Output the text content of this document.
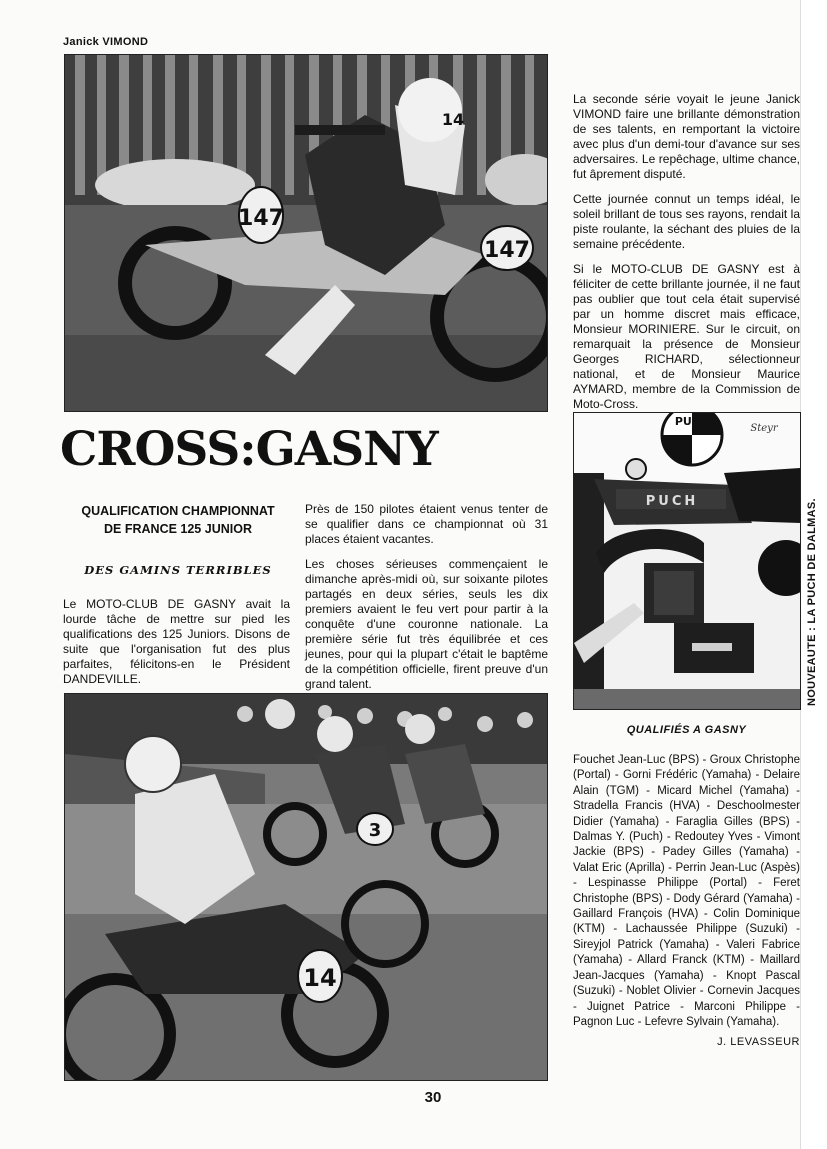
Janick VIMOND
147
147
14

La seconde série voyait le jeune Janick VIMOND faire une brillante démonstration de ses talents, en remportant la victoire avec plus d'un demi-tour d'avance sur ses adversaires. Le repêchage, ultime chance, fut âprement disputé.

Cette journée connut un temps idéal, le soleil brillant de tous ses rayons, rendait la piste roulante, la séchant des pluies de la semaine précédente.

Si le MOTO-CLUB DE GASNY est à féliciter de cette brillante journée, il ne faut pas oublier que tout cela était supervisé par un homme discret mais efficace, Monsieur MORINIERE. Sur le circuit, on remarquait la présence de Monsieur Georges RICHARD, sélectionneur national, et de Monsieur Maurice AYMARD, membre de la Commission de Moto-Cross.

CROSS:GASNY
PUCH
Steyr
PUCH	NOUVEAUTE : LA PUCH DE DALMAS.
QUALIFICATION CHAMPIONNAT
DE FRANCE 125 JUNIOR
DES GAMINS TERRIBLES
Le MOTO-CLUB DE GASNY avait la lourde tâche de mettre sur pied les qualifications des 125 Juniors. Disons de suite que l'organisation fut des plus parfaites, félicitons-en le Président DANDEVILLE.

Près de 150 pilotes étaient venus tenter de se qualifier dans ce championnat où 31 places étaient vacantes.

Les choses sérieuses commençaient le dimanche après-midi où, sur soixante pilotes partagés en deux séries, seuls les dix premiers avaient le feu vert pour partir à la conquête d'une couronne nationale. La première série fut très équilibrée et ces jeunes, pour qui la plupart c'était le baptême de la compétition officielle, firent preuve d'un grand talent.

14
3
QUALIFIÉS A GASNY
Fouchet Jean-Luc (BPS) - Groux Christophe (Portal) - Gorni Frédéric (Yamaha) - Delaire Alain (TGM) - Micard Michel (Yamaha) - Stradella Francis (HVA) - Deschoolmester Didier (Yamaha) - Faraglia Gilles (BPS) - Dalmas Y. (Puch) - Redoutey Yves - Vimont Jackie (BPS) - Padey Gilles (Yamaha) - Valat Eric (Aprilla) - Perrin Jean-Luc (Aspès) - Lespinasse Philippe (Portal) - Feret Christophe (BPS) - Dody Gérard (Yamaha) - Gaillard François (HVA) - Colin Dominique (KTM) - Lachaussée Philippe (Suzuki) - Sireyjol Patrick (Yamaha) - Valeri Fabrice (Yamaha) - Allard Franck (KTM) - Maillard Jean-Jacques (Yamaha) - Knopt Pascal (Suzuki) - Noblet Olivier - Cornevin Jacques - Juignet Patrice - Marconi Philippe - Pagnon Luc - Lefevre Sylvain (Yamaha).
J. LEVASSEUR
30
